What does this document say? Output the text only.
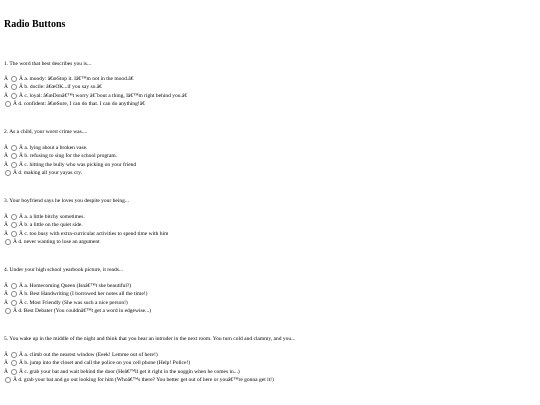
Radio Buttons
1. The word that best describes you is...
Â Â a. moody: â€œStop it. Iâ€™m not in the mood.â€
Â Â b. docile: â€œOK...if you say so.â€
Â Â c. loyal: â€œDonâ€™t worry â€˜bout a thing, Iâ€™m right behind you.â€
Â d. confident: â€œSure, I can do that. I can do anything!â€
2. As a child, your worst crime was....
Â Â a. lying about a broken vase.
Â Â b. refusing to sing for the school program.
Â Â c. hitting the bully who was picking on your friend
Â d. making all your yayas cry.
3. Your boyfriend says he loves you despite your being...
Â Â a. a little bitchy sometimes.
Â Â b. a little on the quiet side.
Â Â c. too busy with extra-curricular activities to spend time with him
Â d. never wanting to lose an argument
4. Under your high school yearbook picture, it reads...
Â Â a. Homecoming Queen (Isnâ€™t she beautiful?)
Â Â b. Best Handwriting (I borrowed her notes all the time!)
Â Â c. Most Friendly (She was such a nice person!)
Â d. Best Debater (You couldnâ€™t get a word in edgewise...)
5. You wake up in the middle of the night and think that you hear an intruder in the next room. You turn cold and clammy, and you...
Â Â a. climb out the nearest window (Eeek! Lemme out of here!)
Â Â b. jump into the closet and call the police on you cell phone (Help! Police!)
Â Â c. grab your bat and wait behind the door (Heâ€™ll get it right in the noggin when he comes in...)
Â d. grab your bat and go out looking for him (Whoâ€™s there? You better get out of here or youâ€™re gonna get it!)
